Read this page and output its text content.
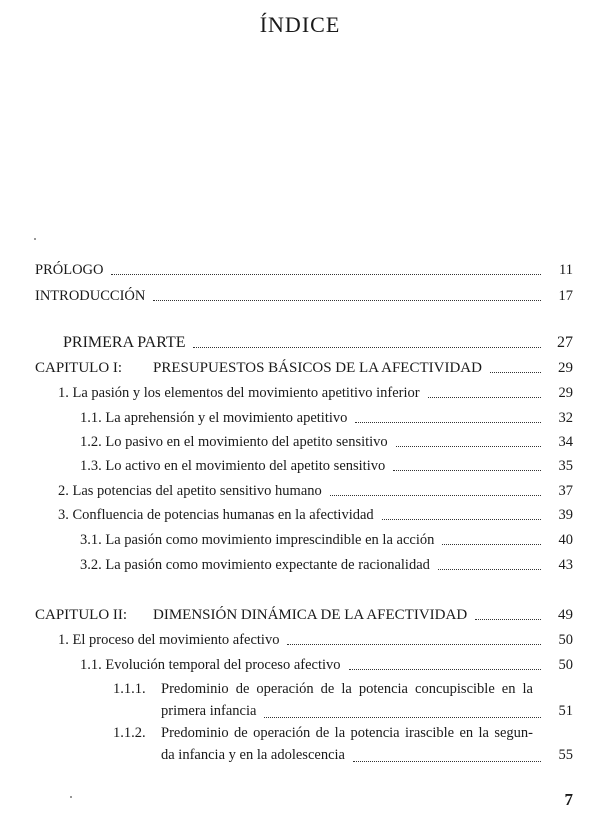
ÍNDICE
PRÓLOGO	11
INTRODUCCIÓN	17
PRIMERA PARTE	27
CAPITULO I: PRESUPUESTOS BÁSICOS DE LA AFECTIVIDAD	29
1. La pasión y los elementos del movimiento apetitivo inferior	29
1.1. La aprehensión y el movimiento apetitivo	32
1.2. Lo pasivo en el movimiento del apetito sensitivo	34
1.3. Lo activo en el movimiento del apetito sensitivo	35
2. Las potencias del apetito sensitivo humano	37
3. Confluencia de potencias humanas en la afectividad	39
3.1. La pasión como movimiento imprescindible en la acción	40
3.2. La pasión como movimiento expectante de racionalidad	43
CAPITULO II: DIMENSIÓN DINÁMICA DE LA AFECTIVIDAD	49
1. El proceso del movimiento afectivo	50
1.1. Evolución temporal del proceso afectivo	50
1.1.1. Predominio de operación de la potencia concupiscible en la
primera infancia	51
1.1.2. Predominio de operación de la potencia irascible en la segun-
da infancia y en la adolescencia	55
7
